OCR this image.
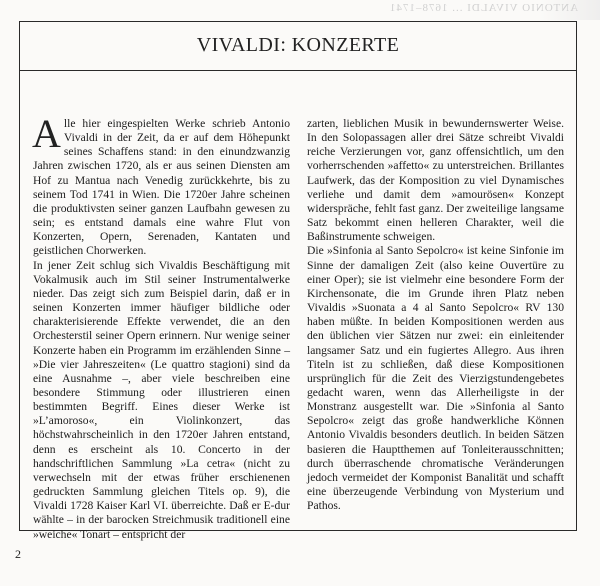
ANTONIO VIVALDI ... 1678–1741
VIVALDI: KONZERTE

Alle hier eingespielten Werke schrieb Antonio Vivaldi in der Zeit, da er auf dem Höhepunkt seines Schaffens stand: in den einundzwanzig Jahren zwischen 1720, als er aus seinen Diensten am Hof zu Mantua nach Venedig zurückkehrte, bis zu seinem Tod 1741 in Wien. Die 1720er Jahre scheinen die produktivsten seiner ganzen Laufbahn gewesen zu sein; es entstand damals eine wahre Flut von Konzerten, Opern, Serenaden, Kantaten und geistlichen Chorwerken.

In jener Zeit schlug sich Vivaldis Beschäftigung mit Vokalmusik auch im Stil seiner Instrumentalwerke nieder. Das zeigt sich zum Beispiel darin, daß er in seinen Konzerten immer häufiger bildliche oder charakterisierende Effekte verwendet, die an den Orchesterstil seiner Opern erinnern. Nur wenige seiner Konzerte haben ein Programm im erzählenden Sinne – »Die vier Jahreszeiten« (Le quattro stagioni) sind da eine Ausnahme –, aber viele beschreiben eine besondere Stimmung oder illustrieren einen bestimmten Begriff. Eines dieser Werke ist »L’amoroso«, ein Violinkonzert, das höchstwahrscheinlich in den 1720er Jahren entstand, denn es erscheint als 10. Concerto in der handschriftlichen Sammlung »La cetra« (nicht zu verwechseln mit der etwas früher erschienenen gedruckten Sammlung gleichen Titels op. 9), die Vivaldi 1728 Kaiser Karl VI. überreichte. Daß er E-dur wählte – in der barocken Streichmusik traditionell eine »weiche« Tonart – entspricht der

zarten, lieblichen Musik in bewundernswerter Weise. In den Solopassagen aller drei Sätze schreibt Vivaldi reiche Verzierungen vor, ganz offensichtlich, um den vorherrschenden »affetto« zu unterstreichen. Brillantes Laufwerk, das der Komposition zu viel Dynamisches verliehe und damit dem »amourösen« Konzept widerspräche, fehlt fast ganz. Der zweiteilige langsame Satz bekommt einen helleren Charakter, weil die Baßinstrumente schweigen.

Die »Sinfonia al Santo Sepolcro« ist keine Sinfonie im Sinne der damaligen Zeit (also keine Ouvertüre zu einer Oper); sie ist vielmehr eine besondere Form der Kirchensonate, die im Grunde ihren Platz neben Vivaldis »Suonata a 4 al Santo Sepolcro« RV 130 haben müßte. In beiden Kompositionen werden aus den üblichen vier Sätzen nur zwei: ein einleitender langsamer Satz und ein fugiertes Allegro. Aus ihren Titeln ist zu schließen, daß diese Kompositionen ursprünglich für die Zeit des Vierzigstundengebetes gedacht waren, wenn das Allerheiligste in der Monstranz ausgestellt war. Die »Sinfonia al Santo Sepolcro« zeigt das große handwerkliche Können Antonio Vivaldis besonders deutlich. In beiden Sätzen basieren die Hauptthemen auf Tonleiterausschnitten; durch überraschende chromatische Veränderungen jedoch vermeidet der Komponist Banalität und schafft eine überzeugende Verbindung von Mysterium und Pathos.

2
